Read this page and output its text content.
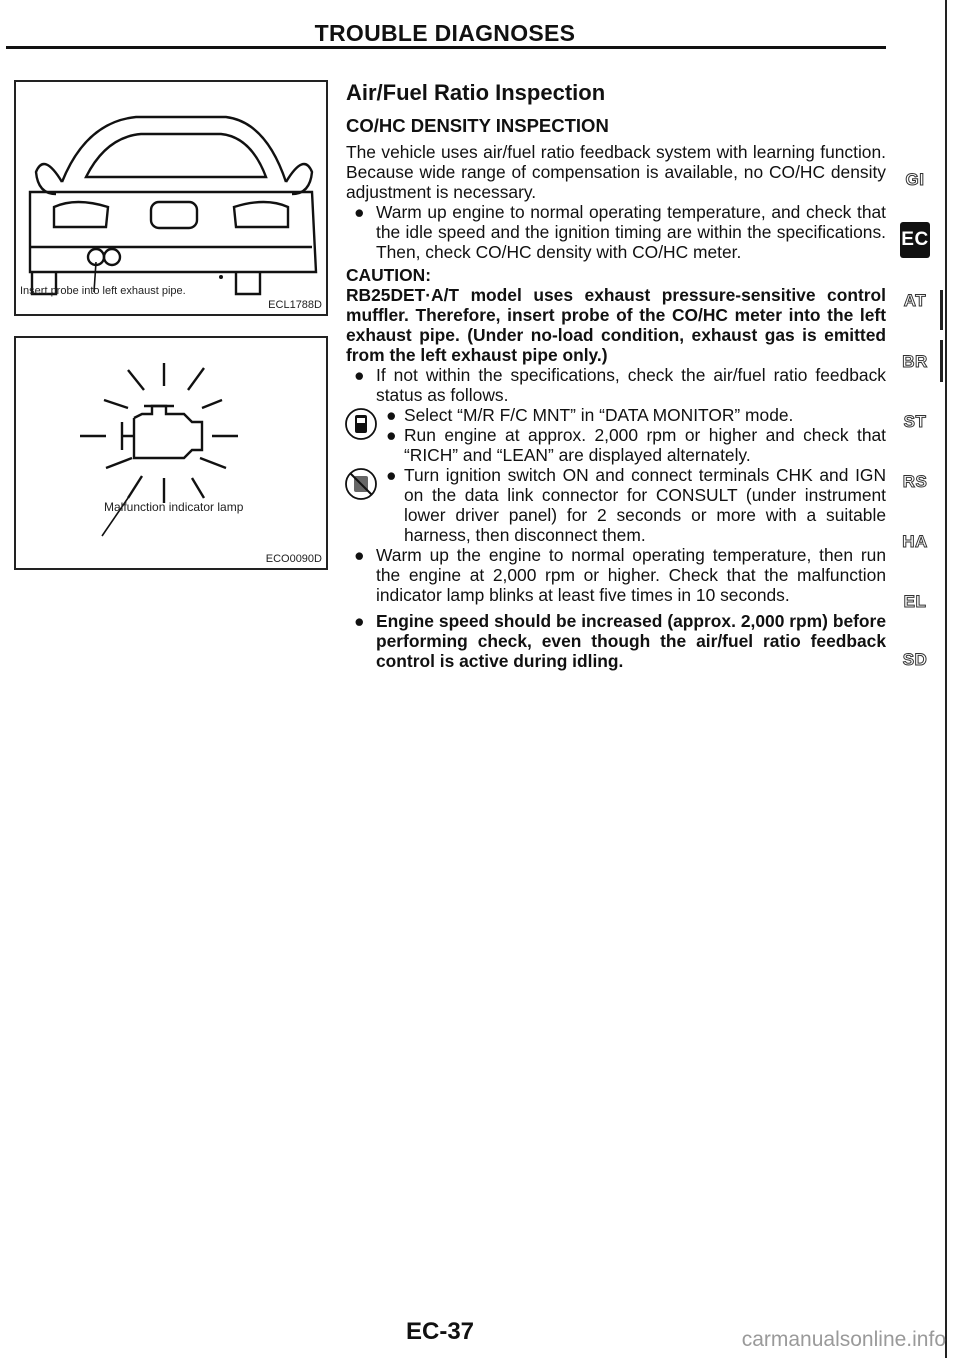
TROUBLE DIAGNOSES
Insert probe into left exhaust pipe.
ECL1788D
Malfunction indicator lamp
ECO0090D
Air/Fuel Ratio Inspection
CO/HC DENSITY INSPECTION

The vehicle uses air/fuel ratio feedback system with learning function. Because wide range of compensation is available, no CO/HC density adjustment is necessary.

● Warm up engine to normal operating temperature, and check that the idle speed and the ignition timing are within the specifications. Then, check CO/HC density with CO/HC meter.
CAUTION:

RB25DET·A/T model uses exhaust pressure-sensitive control muffler. Therefore, insert probe of the CO/HC meter into the left exhaust pipe. (Under no-load condition, exhaust gas is emitted from the left exhaust pipe only.)

● If not within the specifications, check the air/fuel ratio feedback status as follows.
● Select “M/R F/C MNT” in “DATA MONITOR” mode.
● Run engine at approx. 2,000 rpm or higher and check that “RICH” and “LEAN” are displayed alternately.
● Turn ignition switch ON and connect terminals CHK and IGN on the data link connector for CONSULT (under instrument lower driver panel) for 2 seconds or more with a suitable harness, then disconnect them.
● Warm up the engine to normal operating temperature, then run the engine at 2,000 rpm or higher. Check that the malfunction indicator lamp blinks at least five times in 10 seconds.
● Engine speed should be increased (approx. 2,000 rpm) before performing check, even though the air/fuel ratio feedback control is active during idling.
GI
EC
AT
BR
ST
RS
HA
EL
SD
EC-37	carmanualsonline.info
